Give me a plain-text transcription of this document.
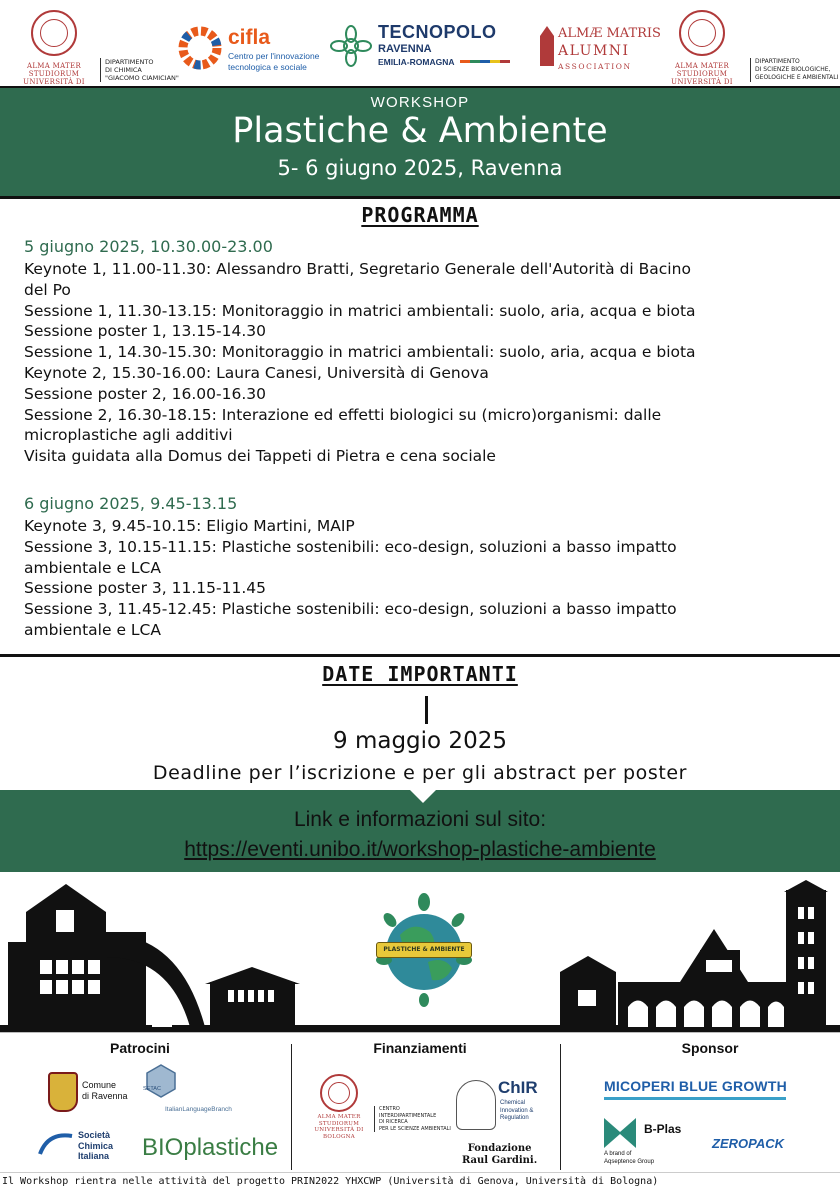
ALMA MATER STUDIORUM
UNIVERSITÀ DI
DIPARTIMENTO
DI CHIMICA
"GIACOMO CIAMICIAN"
cifla
Centro per l'innovazione
tecnologica e sociale
TECNOPOLO
RAVENNA
EMILIA-ROMAGNA
ALMÆ MATRIS
ALUMNI
ASSOCIATION	ALMA MATER STUDIORUM
UNIVERSITÀ DI
DIPARTIMENTO
DI SCIENZE BIOLOGICHE,
GEOLOGICHE E AMBIENTALI
WORKSHOP
Plastiche & Ambiente
5- 6 giugno 2025, Ravenna
PROGRAMMA
5 giugno 2025, 10.30.00-23.00
Keynote 1, 11.00-11.30: Alessandro Bratti, Segretario Generale dell'Autorità di Bacino
del Po
Sessione 1, 11.30-13.15: Monitoraggio in matrici ambientali: suolo, aria, acqua e biota
Sessione poster 1, 13.15-14.30
Sessione 1, 14.30-15.30: Monitoraggio in matrici ambientali: suolo, aria, acqua e biota
Keynote 2, 15.30-16.00: Laura Canesi, Università di Genova
Sessione poster 2, 16.00-16.30
Sessione 2, 16.30-18.15: Interazione ed effetti biologici su (micro)organismi: dalle
microplastiche agli additivi
Visita guidata alla Domus dei Tappeti di Pietra e cena sociale
6 giugno 2025, 9.45-13.15
Keynote 3, 9.45-10.15: Eligio Martini, MAIP
Sessione 3, 10.15-11.15: Plastiche sostenibili: eco-design, soluzioni a basso impatto
ambientale e LCA
Sessione poster 3, 11.15-11.45
Sessione 3, 11.45-12.45: Plastiche sostenibili: eco-design, soluzioni a basso impatto
ambientale e LCA
DATE IMPORTANTI
9 maggio 2025
Deadline per l’iscrizione e per gli abstract per poster
Link e informazioni sul sito:
https://eventi.unibo.it/workshop-plastiche-ambiente
PLASTICHE & AMBIENTE
Patrocini
Comune
di Ravenna
SETAC
ItalianLanguageBranch
Società
Chimica
Italiana BIOplastiche
Finanziamenti
ALMA MATER STUDIORUM
UNIVERSITÀ DI BOLOGNA
CENTRO
INTERDIPARTIMENTALE
DI RICERCA
PER LE SCIENZE AMBIENTALI
ChIR
Chemical
Innovation &
Regulation
Fondazione
Raul Gardini.
Sponsor
MICOPERI BLUE GROWTH
B-Plas
A brand of
Aqseptence Group
ZEROPACK
Il Workshop rientra nelle attività del progetto PRIN2022 YHXCWP (Università di Genova, Università di Bologna)
